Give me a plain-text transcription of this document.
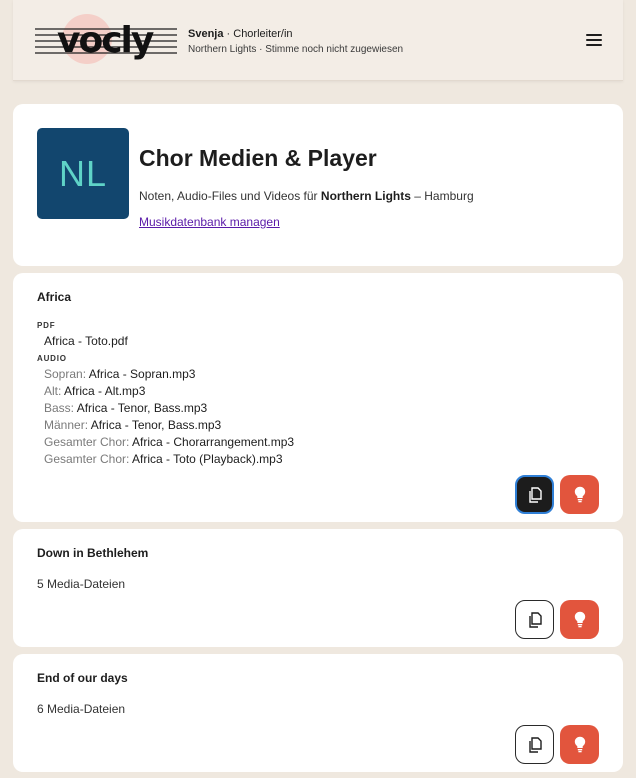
vocly	Svenja · Chorleiter/in
Northern Lights · Stimme noch nicht zugewiesen
NL	Chor Medien & Player
Noten, Audio-Files und Videos für Northern Lights – Hamburg
Musikdatenbank managen
Africa
PDF
Africa - Toto.pdf
AUDIO
Sopran: Africa - Sopran.mp3
Alt: Africa - Alt.mp3
Bass: Africa - Tenor, Bass.mp3
Männer: Africa - Tenor, Bass.mp3
Gesamter Chor: Africa - Chorarrangement.mp3
Gesamter Chor: Africa - Toto (Playback).mp3
Down in Bethlehem
5 Media-Dateien
End of our days
6 Media-Dateien
